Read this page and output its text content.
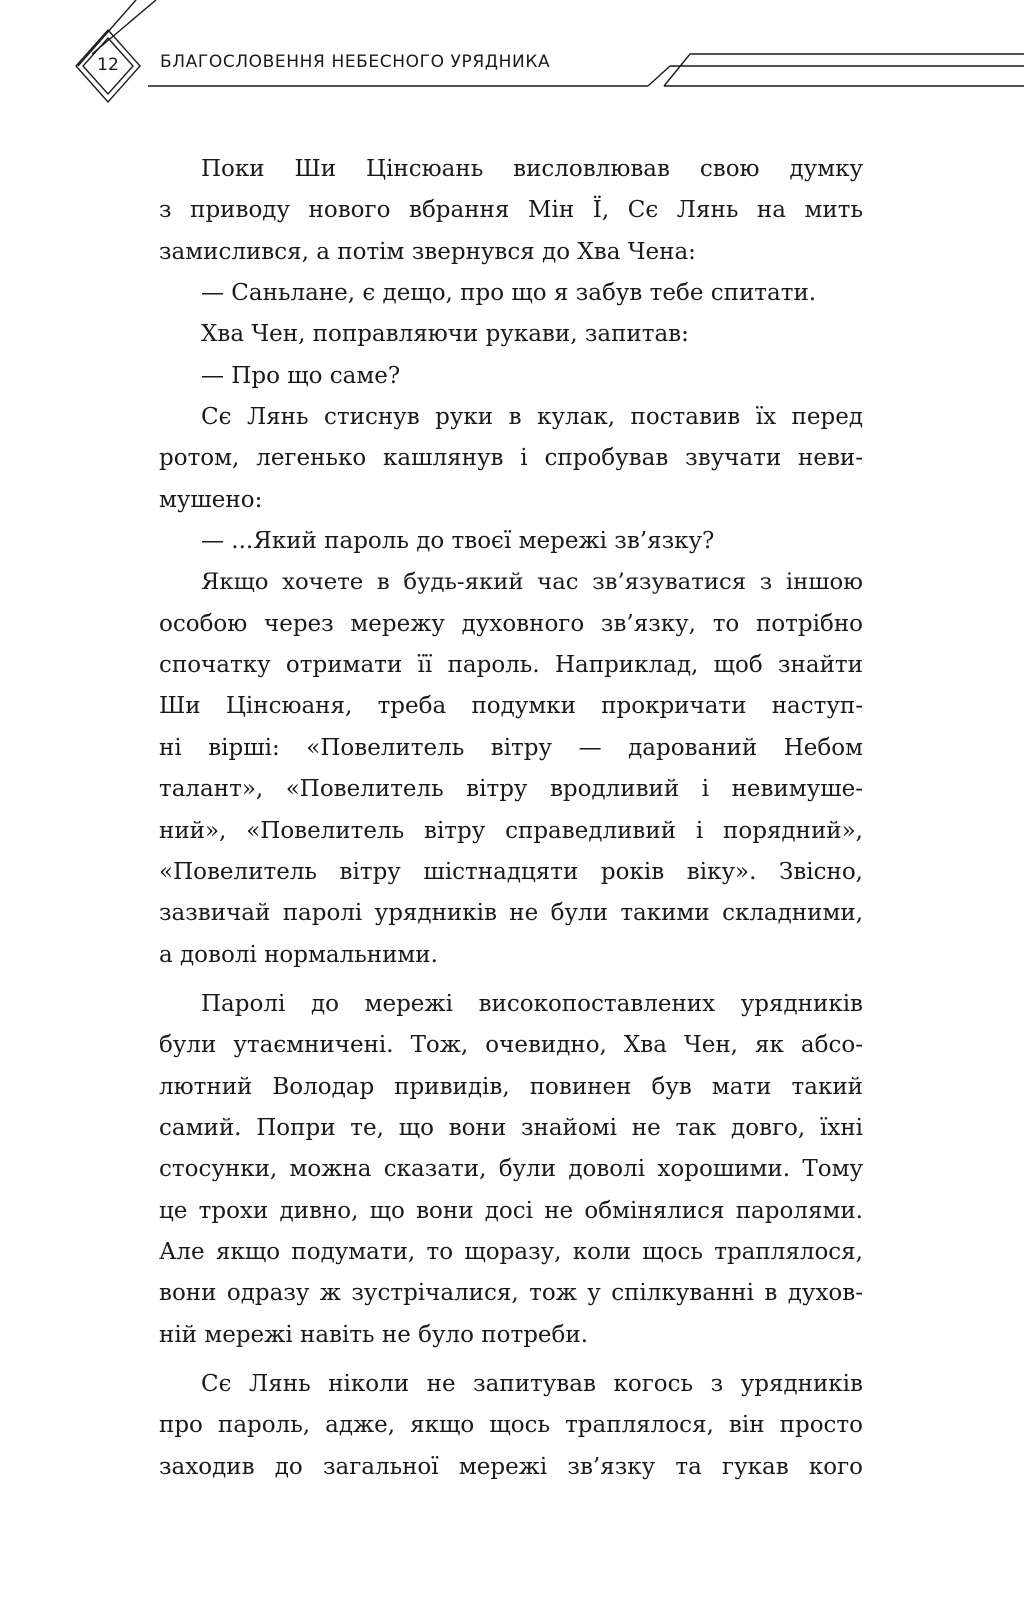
12	БЛАГОСЛОВЕННЯ НЕБЕСНОГО УРЯДНИКА
Поки Ши Цінсюань висловлював свою думку
з приводу нового вбрання Мін Ї, Сє Лянь на мить
замислився, а потім звернувся до Хва Чена:
— Саньлане, є дещо, про що я забув тебе спитати.
Хва Чен, поправляючи рукави, запитав:
— Про що саме?
Сє Лянь стиснув руки в кулак, поставив їх перед
ротом, легенько кашлянув і спробував звучати неви-
мушено:
— ...Який пароль до твоєї мережі зв’язку?
Якщо хочете в будь-який час зв’язуватися з іншою
особою через мережу духовного зв’язку, то потрібно
спочатку отримати її пароль. Наприклад, щоб знайти
Ши Цінсюаня, треба подумки прокричати наступ-
ні вірші: «Повелитель вітру — дарований Небом
талант», «Повелитель вітру вродливий і невимуше-
ний», «Повелитель вітру справедливий і порядний»,
«Повелитель вітру шістнадцяти років віку». Звісно,
зазвичай паролі урядників не були такими складними,
а доволі нормальними.
Паролі до мережі високопоставлених урядників
були утаємничені. Тож, очевидно, Хва Чен, як абсо-
лютний Володар привидів, повинен був мати такий
самий. Попри те, що вони знайомі не так довго, їхні
стосунки, можна сказати, були доволі хорошими. Тому
це трохи дивно, що вони досі не обмінялися паролями.
Але якщо подумати, то щоразу, коли щось траплялося,
вони одразу ж зустрічалися, тож у спілкуванні в духов-
ній мережі навіть не було потреби.
Сє Лянь ніколи не запитував когось з урядників
про пароль, адже, якщо щось траплялося, він просто
заходив до загальної мережі зв’язку та гукав кого
